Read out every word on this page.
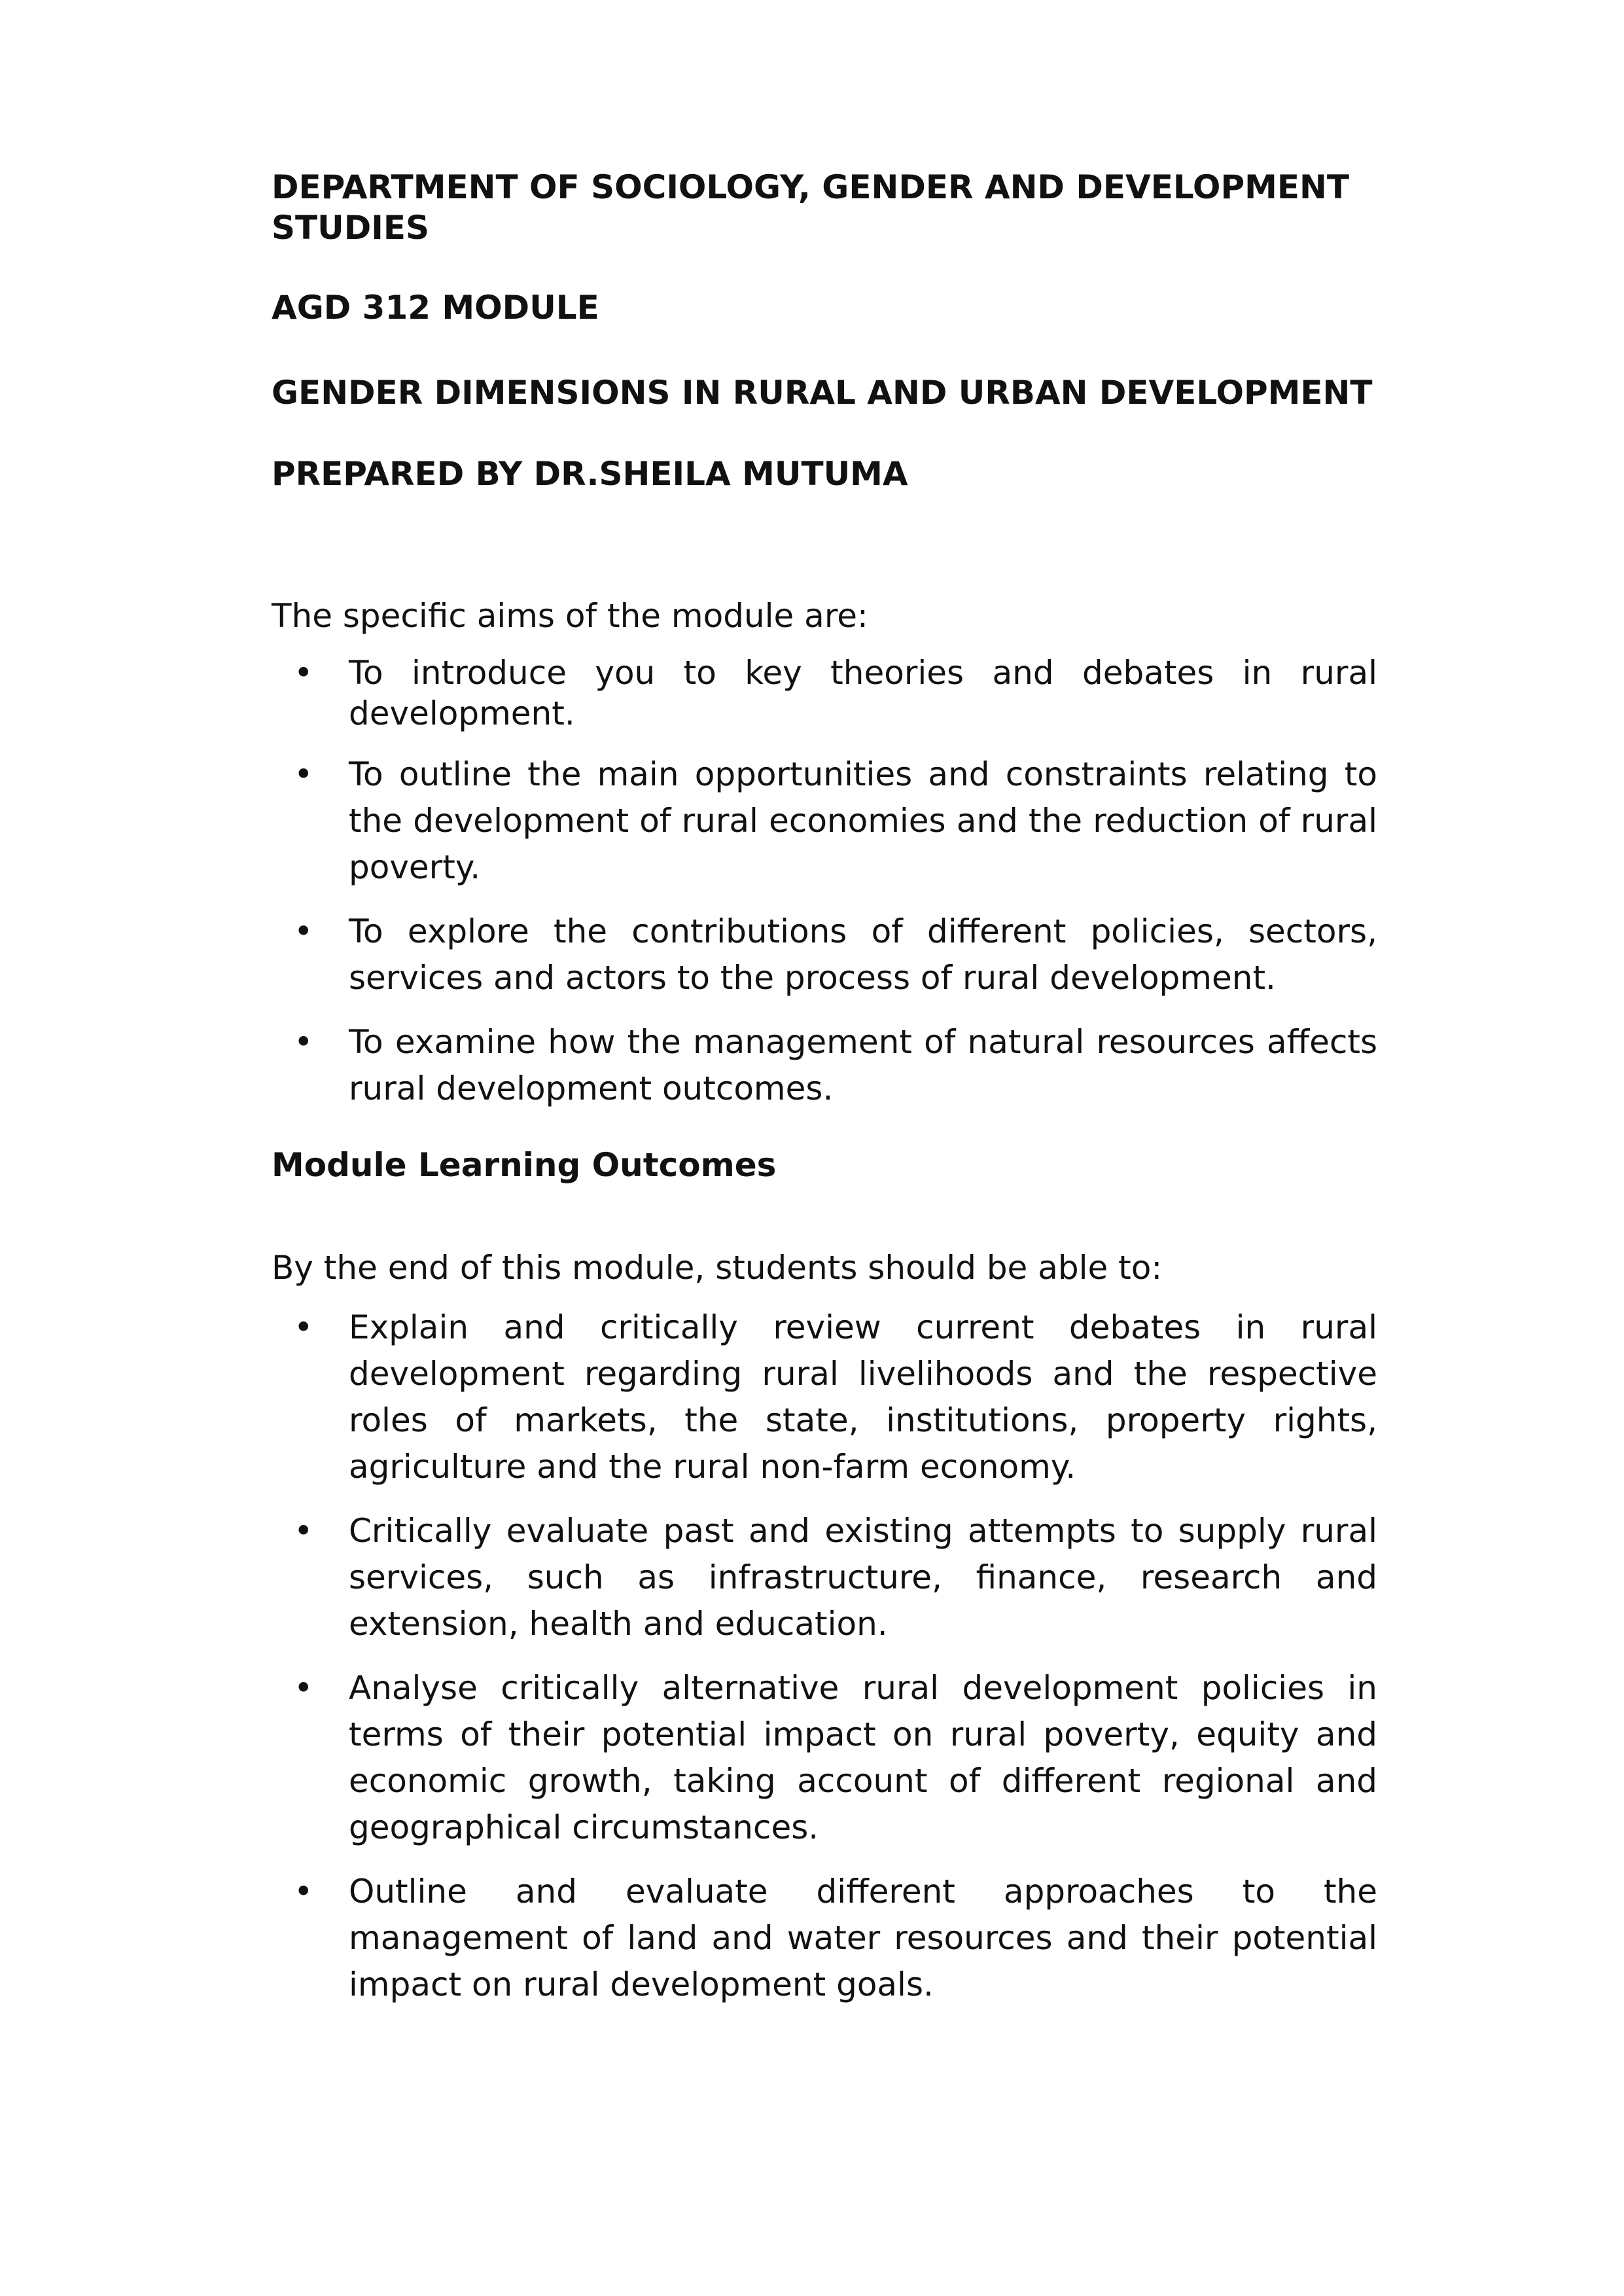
DEPARTMENT OF SOCIOLOGY, GENDER AND DEVELOPMENT STUDIES

AGD 312 MODULE

GENDER DIMENSIONS IN RURAL AND URBAN DEVELOPMENT

PREPARED BY DR.SHEILA MUTUMA

The specific aims of the module are:

• To introduce you to key theories and debates in rural development.
• To outline the main opportunities and constraints relating to the development of rural economies and the reduction of rural poverty.
• To explore the contributions of different policies, sectors, services and actors to the process of rural development.
• To examine how the management of natural resources affects rural development outcomes.

Module Learning Outcomes

By the end of this module, students should be able to:

• Explain and critically review current debates in rural development regarding rural livelihoods and the respective roles of markets, the state, institutions, property rights, agriculture and the rural non-farm economy.
• Critically evaluate past and existing attempts to supply rural services, such as infrastructure, finance, research and extension, health and education.
• Analyse critically alternative rural development policies in terms of their potential impact on rural poverty, equity and economic growth, taking account of different regional and geographical circumstances.
• Outline and evaluate different approaches to the management of land and water resources and their potential impact on rural development goals.
